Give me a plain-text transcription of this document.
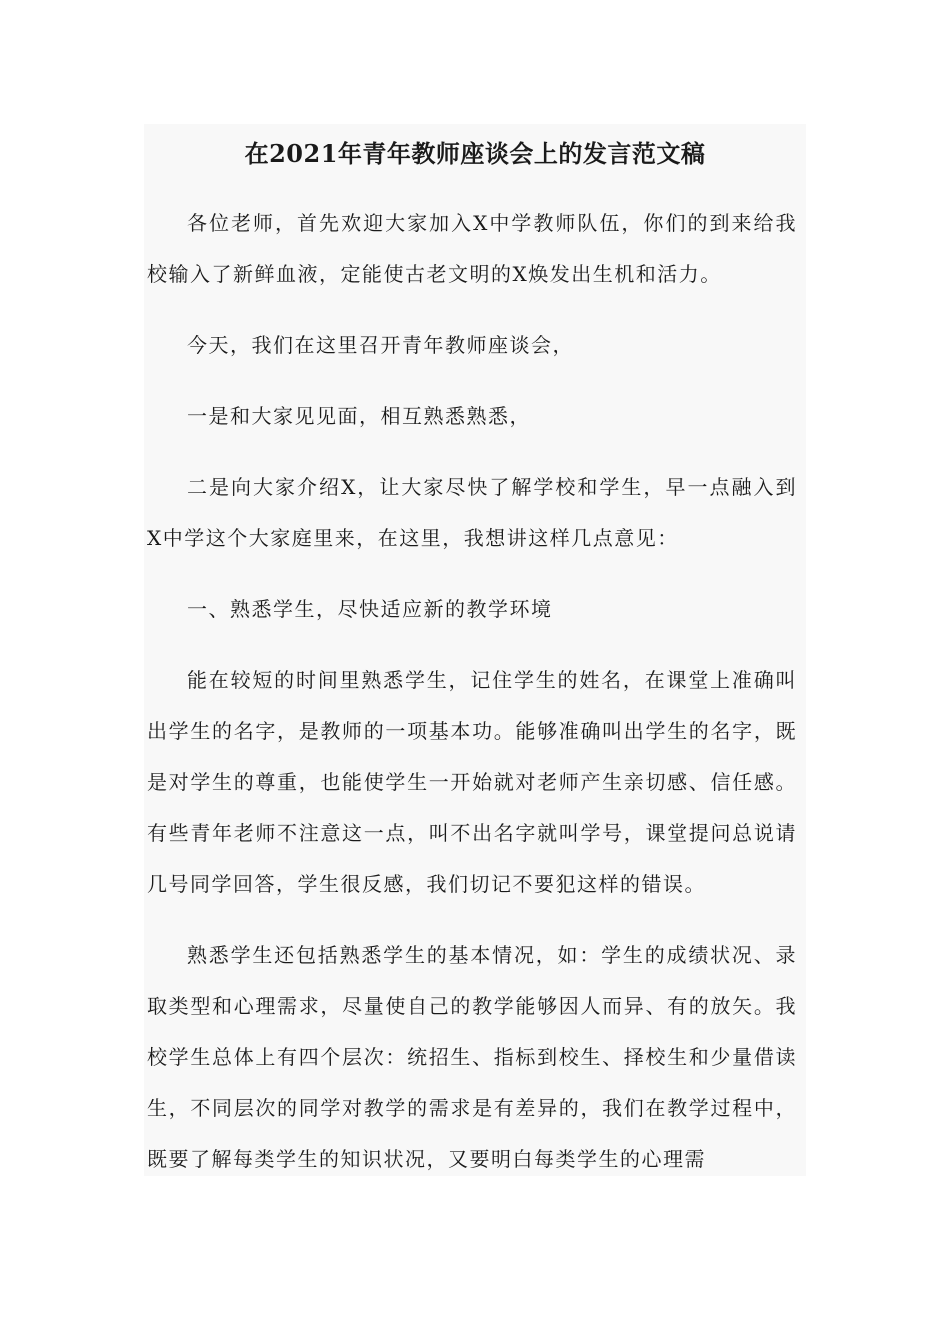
在2021年青年教师座谈会上的发言范文稿

各位老师，首先欢迎大家加入X中学教师队伍，你们的到来给我校输入了新鲜血液，定能使古老文明的X焕发出生机和活力。

今天，我们在这里召开青年教师座谈会，

一是和大家见见面，相互熟悉熟悉，

二是向大家介绍X，让大家尽快了解学校和学生，早一点融入到X中学这个大家庭里来，在这里，我想讲这样几点意见：

一、熟悉学生，尽快适应新的教学环境

能在较短的时间里熟悉学生，记住学生的姓名，在课堂上准确叫出学生的名字，是教师的一项基本功。能够准确叫出学生的名字，既是对学生的尊重，也能使学生一开始就对老师产生亲切感、信任感。有些青年老师不注意这一点，叫不出名字就叫学号，课堂提问总说请几号同学回答，学生很反感，我们切记不要犯这样的错误。

熟悉学生还包括熟悉学生的基本情况，如：学生的成绩状况、录取类型和心理需求，尽量使自己的教学能够因人而异、有的放矢。我校学生总体上有四个层次：统招生、指标到校生、择校生和少量借读生，不同层次的同学对教学的需求是有差异的，我们在教学过程中，既要了解每类学生的知识状况，又要明白每类学生的心理需
